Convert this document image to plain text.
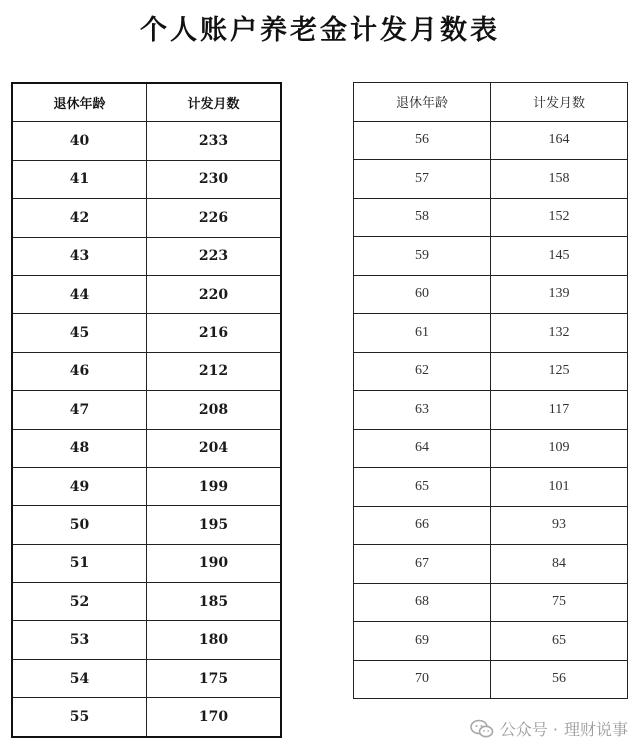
个人账户养老金计发月数表
退休年龄	计发月数
40	233
41	230
42	226
43	223
44	220
45	216
46	212
47	208
48	204
49	199
50	195
51	190
52	185
53	180
54	175
55	170
退休年龄	计发月数
56	164
57	158
58	152
59	145
60	139
61	132
62	125
63	117
64	109
65	101
66	93
67	84
68	75
69	65
70	56
公众号 · 理财说事
